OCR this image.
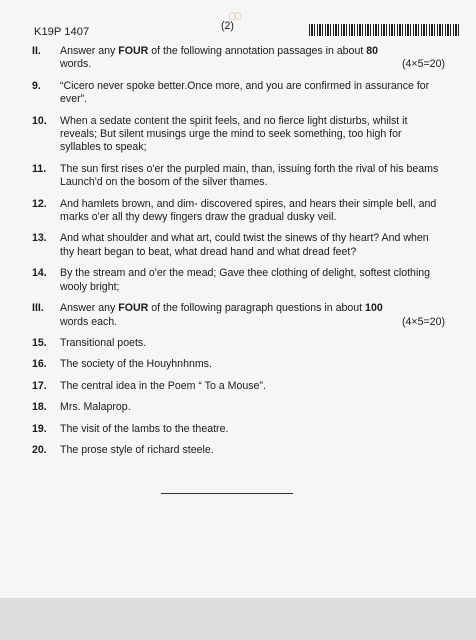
ꝏ
K19P 1407	(2)
II. Answer any FOUR of the following annotation passages in about 80
words.	(4×5=20)
9. “Cicero never spoke better.Once more, and you are confirmed in assurance for ever”.
10. When a sedate content the spirit feels, and no fierce light disturbs, whilst it reveals; But silent musings urge the mind to seek something, too high for syllables to speak;
11. The sun first rises o'er the purpled main, than, issuing forth the rival of his beams Launch'd on the bosom of the silver thames.
12. And hamlets brown, and dim- discovered spires, and hears their simple bell, and marks o'er all thy dewy fingers draw the gradual dusky veil.
13. And what shoulder and what art, could twist the sinews of thy heart? And when thy heart began to beat, what dread hand and what dread feet?
14. By the stream and o'er the mead; Gave thee clothing of delight, softest clothing wooly bright;
III. Answer any FOUR of the following paragraph questions in about 100
words each.	(4×5=20)
15. Transitional poets.
16. The society of the Houyhnhnms.
17. The central idea in the Poem “ To a Mouse”.
18. Mrs. Malaprop.
19. The visit of the lambs to the theatre.
20. The prose style of richard steele.
